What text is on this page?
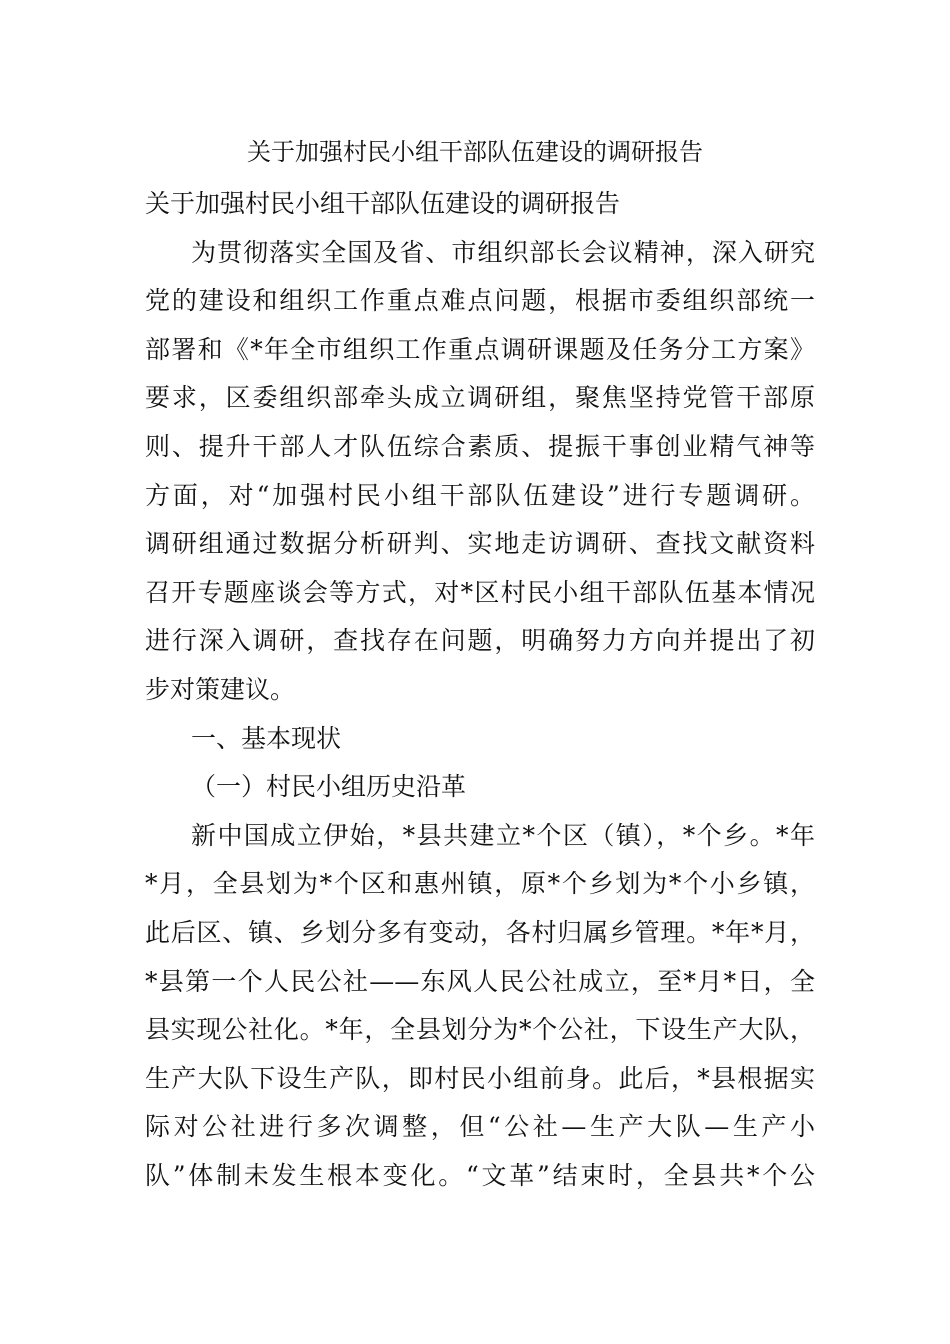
关于加强村民小组干部队伍建设的调研报告
关于加强村民小组干部队伍建设的调研报告
为贯彻落实全国及省、市组织部长会议精神，深入研究
党的建设和组织工作重点难点问题，根据市委组织部统一
部署和《*年全市组织工作重点调研课题及任务分工方案》
要求，区委组织部牵头成立调研组，聚焦坚持党管干部原
则、提升干部人才队伍综合素质、提振干事创业精气神等
方面，对“加强村民小组干部队伍建设”进行专题调研。
调研组通过数据分析研判、实地走访调研、查找文献资料
召开专题座谈会等方式，对*区村民小组干部队伍基本情况
进行深入调研，查找存在问题，明确努力方向并提出了初
步对策建议。
一、基本现状
（一）村民小组历史沿革
新中国成立伊始，*县共建立*个区（镇），*个乡。*年
*月，全县划为*个区和惠州镇，原*个乡划为*个小乡镇，
此后区、镇、乡划分多有变动，各村归属乡管理。*年*月，
*县第一个人民公社——东风人民公社成立，至*月*日，全
县实现公社化。*年，全县划分为*个公社，下设生产大队，
生产大队下设生产队，即村民小组前身。此后，*县根据实
际对公社进行多次调整，但“公社—生产大队—生产小
队”体制未发生根本变化。“文革”结束时，全县共*个公
